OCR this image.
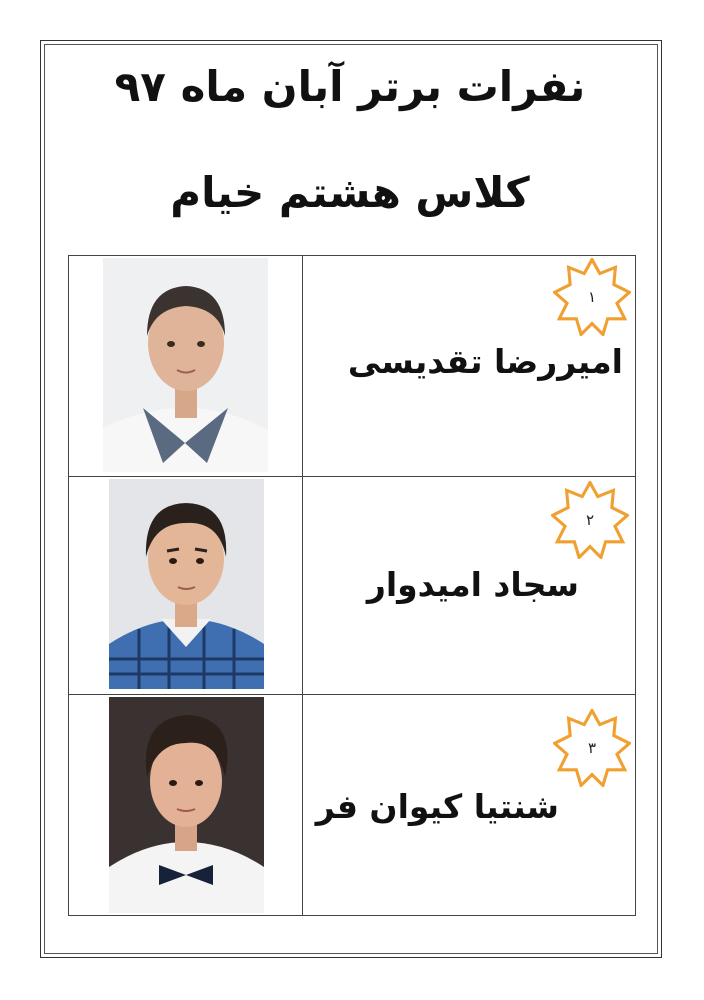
نفرات برتر آبان ماه ۹۷
کلاس هشتم خیام

۱
امیررضا تقدیسی

۲
سجاد امیدوار

۳
شنتیا کیوان فر
